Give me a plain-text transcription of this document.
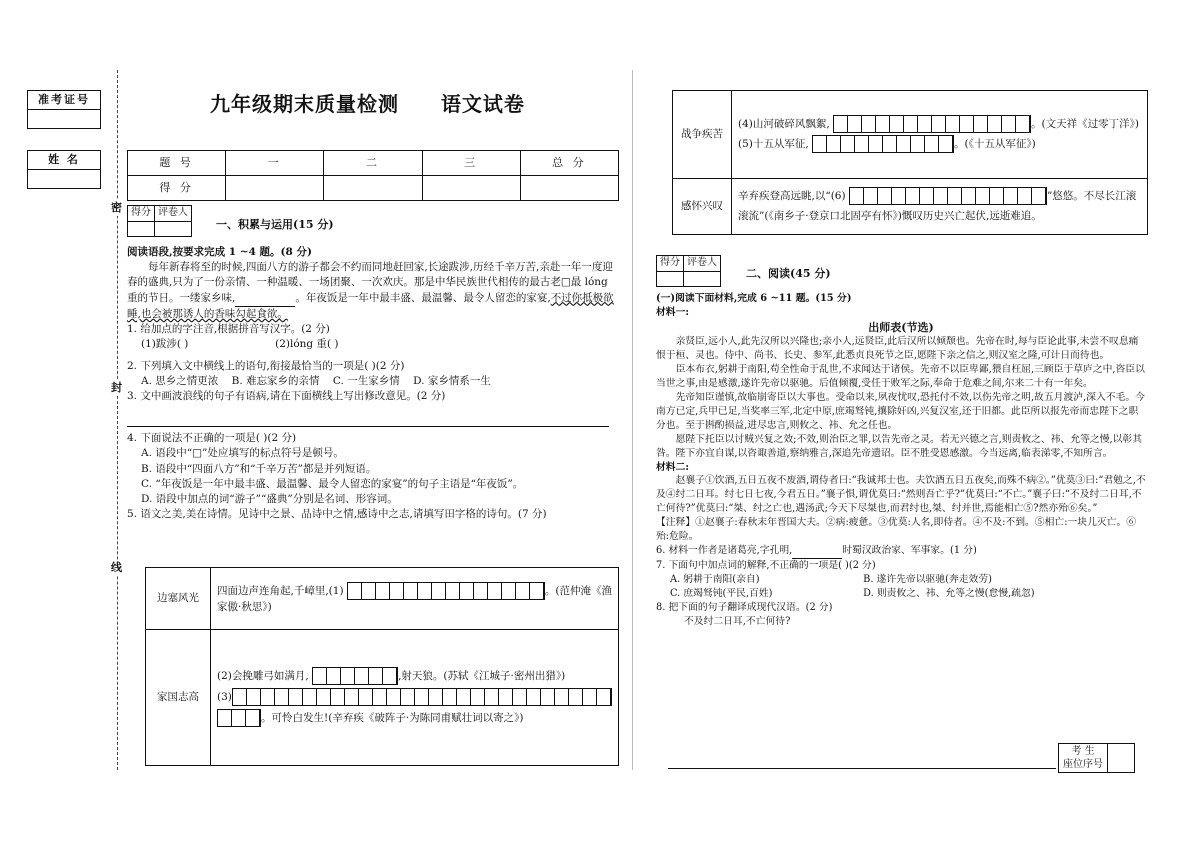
准考证号
姓 名
密
封
线
九年级期末质量检测 语文试卷
题 号	一	二	三	总 分
得 分				
得分	评卷人

一、积累与运用(15 分)

阅读语段,按要求完成 1 ~4 题。(8 分)

每年新春将至的时候,四面八方的游子都会不约而同地赶回家,长途跋涉,历经千辛万苦,亲赴一年一度迎春的盛典,只为了一份亲情、一种温暖、一场团聚、一次欢庆。那是中华民族世代相传的最古老□最 lóng 重的节日。一缕家乡味,	。年夜饭是一年中最丰盛、最温馨、最令人留恋的家宴,不过你抵极欲睡,也会被那诱人的香味勾起食欲。

1. 给加点的字注音,根据拼音写汉字。(2 分)

(1)跋涉( )	(2)lóng 重( )

2. 下列填入文中横线上的语句,衔接最恰当的一项是( )(2 分)

A. 思乡之情更浓 B. 难忘家乡的亲情 C. 一生家乡情 D. 家乡情系一生

3. 文中画波浪线的句子有语病,请在下面横线上写出修改意见。(2 分)

4. 下面说法不正确的一项是( )(2 分)

A. 语段中“□”处应填写的标点符号是顿号。

B. 语段中“四面八方”和“千辛万苦”都是并列短语。

C. “年夜饭是一年中最丰盛、最温馨、最令人留恋的家宴”的句子主语是“年夜饭”。

D. 语段中加点的词“游子”“盛典”分别是名词、形容词。

5. 语文之美,美在诗情。见诗中之景、品诗中之情,感诗中之志,请填写田字格的诗句。(7 分)

边塞风光	四面边声连角起,千嶂里,(1) 。(范仲淹《渔家傲·秋思》)
家国志高	(2)会挽雕弓如满月, ,射天狼。(苏轼《江城子·密州出猎》)
(3)
。可怜白发生!(辛弃疾《破阵子·为陈同甫赋壮词以寄之》)
战争疾苦	(4)山河破碎风飘絮, 。(文天祥《过零丁洋》)
(5)十五从军征, 。(《十五从军征》)
感怀兴叹	辛弃疾登高远眺,以“(6) ”悠悠。不尽长江滚滚流”(《南乡子·登京口北固亭有怀》)慨叹历史兴亡起伏,远逝难追。
得分	评卷人

二、阅读(45 分)

(一)阅读下面材料,完成 6 ~11 题。(15 分)

材料一:

出师表(节选)

亲贤臣,远小人,此先汉所以兴隆也;亲小人,远贤臣,此后汉所以倾颓也。先帝在时,每与臣论此事,未尝不叹息痛恨于桓、灵也。侍中、尚书、长史、参军,此悉贞良死节之臣,愿陛下亲之信之,则汉室之隆,可计日而待也。

臣本布衣,躬耕于南阳,苟全性命于乱世,不求闻达于诸侯。先帝不以臣卑鄙,猥自枉屈,三顾臣于草庐之中,咨臣以当世之事,由是感激,遂许先帝以驱驰。后值倾覆,受任于败军之际,奉命于危难之间,尔来二十有一年矣。

先帝知臣谨慎,故临崩寄臣以大事也。受命以来,夙夜忧叹,恐托付不效,以伤先帝之明,故五月渡泸,深入不毛。今南方已定,兵甲已足,当奖率三军,北定中原,庶竭驽钝,攘除奸凶,兴复汉室,还于旧都。此臣所以报先帝而忠陛下之职分也。至于斟酌损益,进尽忠言,则攸之、祎、允之任也。

愿陛下托臣以讨贼兴复之效;不效,则治臣之罪,以告先帝之灵。若无兴德之言,则责攸之、祎、允等之慢,以彰其咎。陛下亦宜自谋,以咨诹善道,察纳雅言,深追先帝遗诏。臣不胜受恩感激。今当远离,临表涕零,不知所言。

材料二:

赵襄子①饮酒,五日五夜不废酒,谓侍者曰:“我诚邦士也。夫饮酒五日五夜矣,而殊不病②。”优莫③曰:“君勉之,不及④纣二日耳。纣七日七夜,今君五日。”襄子惧,谓优莫曰:“然则吾亡乎?”优莫曰:“不亡。”襄子曰:“不及纣二日耳,不亡何待?”优莫曰:“桀、纣之亡也,遇汤武;今天下尽桀也,而君纣也,桀、纣并世,焉能相亡⑤?然亦殆⑥矣。”

【注释】①赵襄子:春秋末年晋国大夫。②病:疲惫。③优莫:人名,即侍者。④不及:不到。⑤相亡:一块儿灭亡。⑥殆:危险。

6. 材料一作者是诸葛亮,字孔明,	时蜀汉政治家、军事家。(1 分)

7. 下面句中加点词的解释,不正确的一项是( )(2 分)

A. 躬耕于南阳(亲自)	B. 遂许先帝以驱驰(奔走效劳)

C. 庶竭驽钝(平民,百姓)	D. 则责攸之、祎、允等之慢(怠慢,疏忽)

8. 把下面的句子翻译成现代汉语。(2 分)

不及纣二日耳,不亡何待?

考 生
座位序号
